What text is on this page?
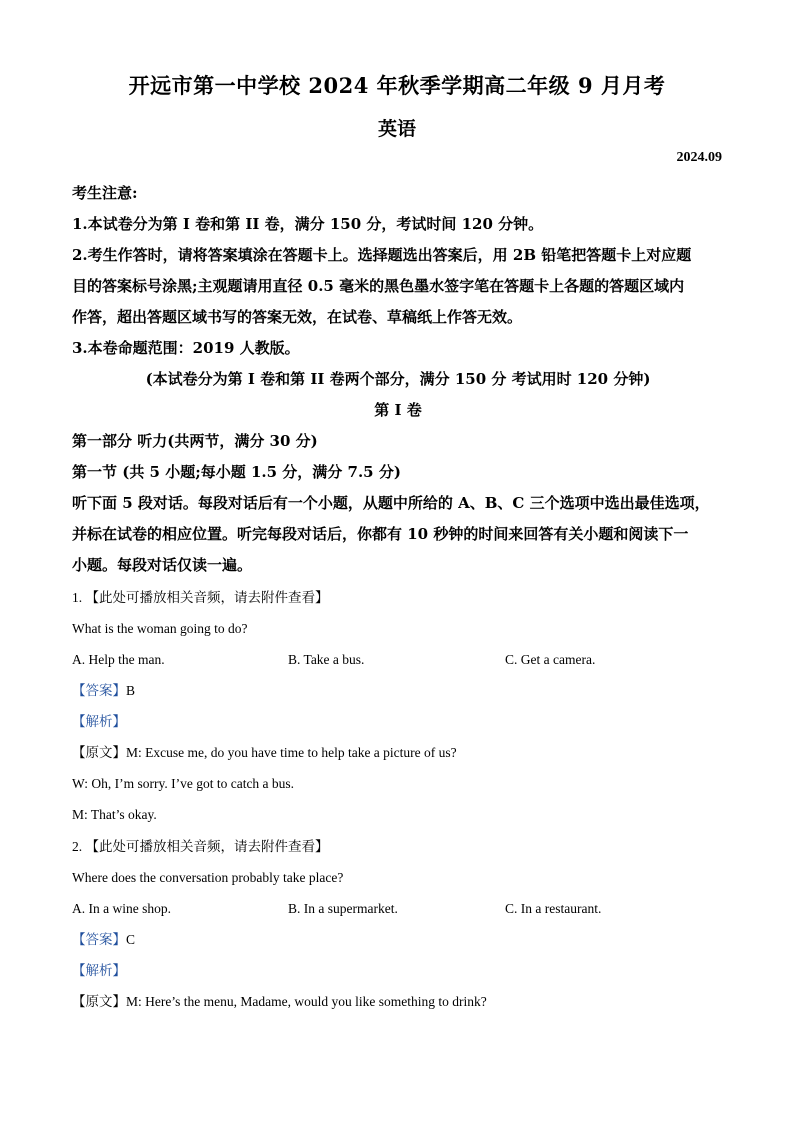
开远市第一中学校 2024 年秋季学期高二年级 9 月月考
英语
2024.09

考生注意:

1.本试卷分为第 I 卷和第 II 卷，满分 150 分，考试时间 120 分钟。

2.考生作答时，请将答案填涂在答题卡上。选择题选出答案后，用 2B 铅笔把答题卡上对应题

目的答案标号涂黑;主观题请用直径 0.5 毫米的黑色墨水签字笔在答题卡上各题的答题区域内

作答，超出答题区域书写的答案无效，在试卷、草稿纸上作答无效。

3.本卷命题范围：2019 人教版。

(本试卷分为第 I 卷和第 II 卷两个部分，满分 150 分 考试用时 120 分钟)

第 I 卷

第一部分 听力(共两节，满分 30 分)

第一节 (共 5 小题;每小题 1.5 分，满分 7.5 分)

听下面 5 段对话。每段对话后有一个小题，从题中所给的 A、B、C 三个选项中选出最佳选项，

并标在试卷的相应位置。听完每段对话后，你都有 10 秒钟的时间来回答有关小题和阅读下一

小题。每段对话仅读一遍。

1. 【此处可播放相关音频，请去附件查看】

What is the woman going to do?

A. Help the man.	B. Take a bus.	C. Get a camera.

【答案】B

【解析】

【原文】M: Excuse me, do you have time to help take a picture of us?

W: Oh, I’m sorry. I’ve got to catch a bus.

M: That’s okay.

2. 【此处可播放相关音频，请去附件查看】

Where does the conversation probably take place?

A. In a wine shop.	B. In a supermarket.	C. In a restaurant.

【答案】C

【解析】

【原文】M: Here’s the menu, Madame, would you like something to drink?
